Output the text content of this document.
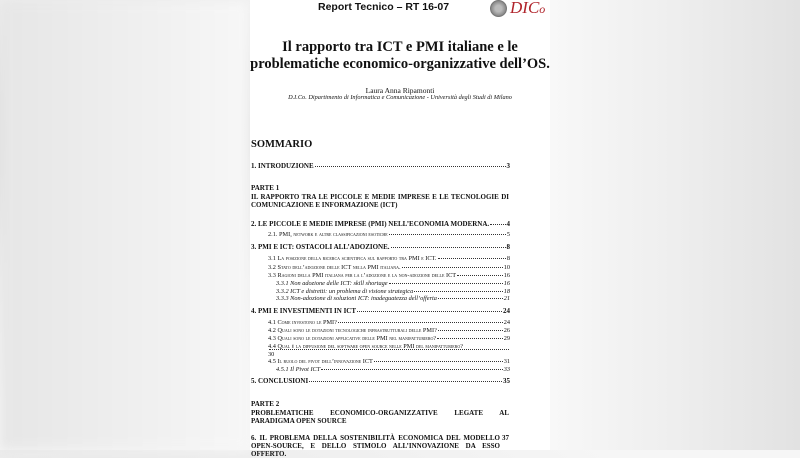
Report Tecnico – RT 16-07	DICo
Il rapporto tra ICT e PMI italiane e le problematiche economico-organizzative dell’OS.
Laura Anna Ripamonti
D.I.Co. Dipartimento di Informatica e Comunicazione - Università degli Studi di Milano
SOMMARIO
PARTE 1
IL RAPPORTO TRA LE PICCOLE E MEDIE IMPRESE E LE TECNOLOGIE DI COMUNICAZIONE E INFORMAZIONE (ICT)
PARTE 2
PROBLEMATICHE ECONOMICO-ORGANIZZATIVE LEGATE AL PARADIGMA OPEN SOURCE
1. INTRODUZIONE	3
2. LE PICCOLE E MEDIE IMPRESE (PMI) NELL’ECONOMIA MODERNA. 4
2.1. PMI, network e altre classificazioni esotiche	5
3. PMI E ICT: OSTACOLI ALL’ADOZIONE.	8
3.1 La posizione della ricerca scientifica sul rapporto tra PMI e ICT.	8
3.2 Stato dell’adozione delle ICT nella PMI italiana.	10
3.3 Ragioni della PMI italiana per la l’adozione e la non-adozione delle ICT	16
3.3.1 Non adozione delle ICT: skill shortage	16
3.3.2 ICT e distretti: un problema di visione strategica	18
3.3.3 Non-adozione di soluzioni ICT: inadeguatezza dell’offerta	21
4. PMI E INVESTIMENTI IN ICT	24
4.1 Come investono le PMI?	24
4.2 Quali sono le dotazioni tecnologiche infrastrutturali delle PMI?	26
4.3 Quali sono le dotazioni applicative delle PMI nel manifatturiero?	29
4.4 Qual è la diffusione del software open source nelle PMI del manifatturiero?
30
4.5 Il ruolo del pivot dell’innovazione ICT	31
4.5.1 Il Pivot ICT	33
5. CONCLUSIONI	35
6. IL PROBLEMA DELLA SOSTENIBILITÀ ECONOMICA DEL MODELLO OPEN-SOURCE, E DELLO STIMOLO ALL’INNOVAZIONE DA ESSO OFFERTO.
37
